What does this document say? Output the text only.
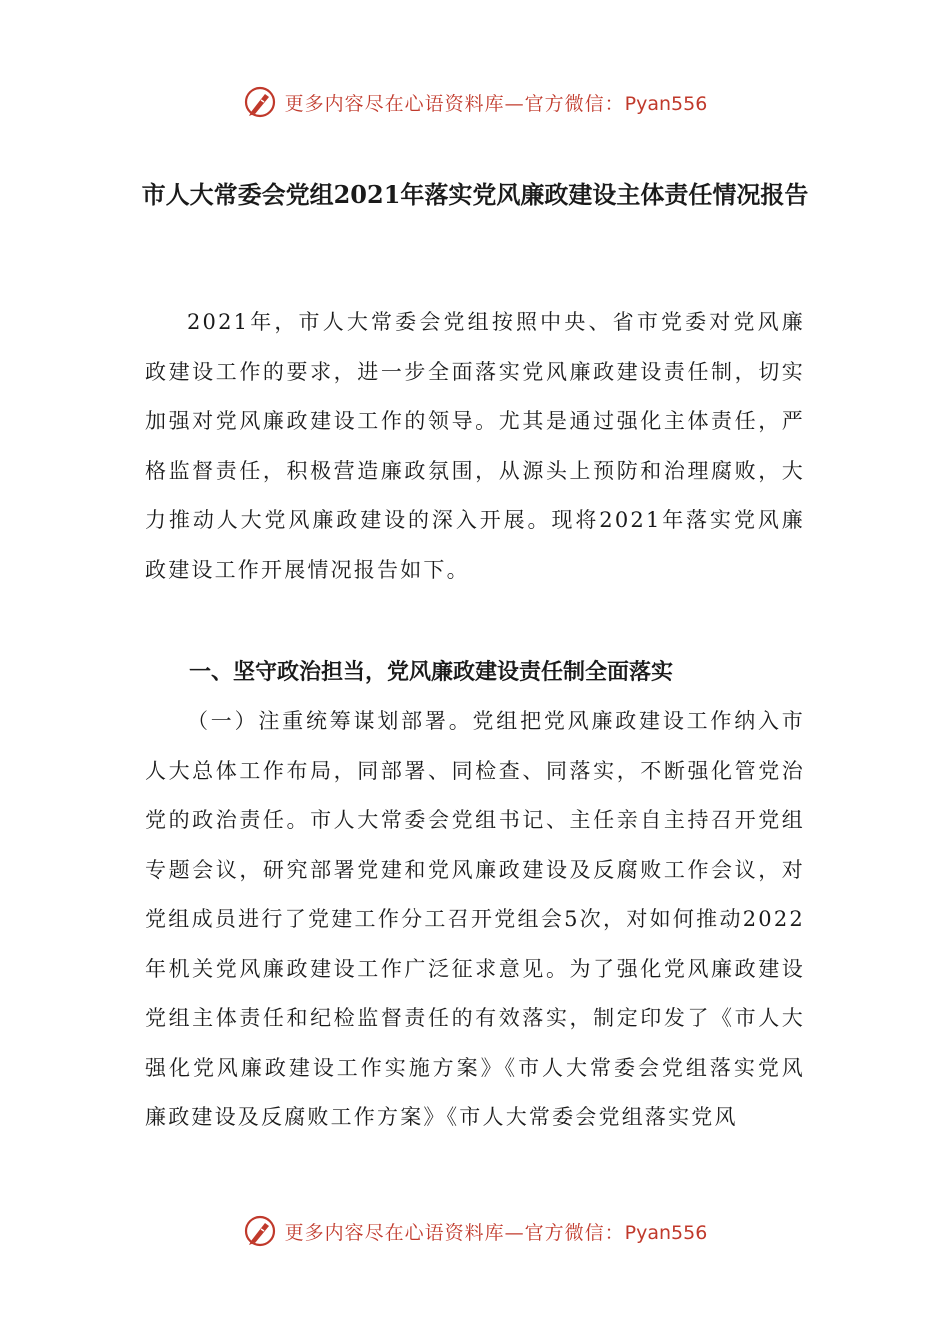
更多内容尽在心语资料库—官方微信：Pyan556
市人大常委会党组2021年落实党风廉政建设主体责任情况报告

2021年，市人大常委会党组按照中央、省市党委对党风廉政建设工作的要求，进一步全面落实党风廉政建设责任制，切实加强对党风廉政建设工作的领导。尤其是通过强化主体责任，严格监督责任，积极营造廉政氛围，从源头上预防和治理腐败，大力推动人大党风廉政建设的深入开展。现将2021年落实党风廉政建设工作开展情况报告如下。

一、坚守政治担当，党风廉政建设责任制全面落实

（一）注重统筹谋划部署。党组把党风廉政建设工作纳入市人大总体工作布局，同部署、同检查、同落实，不断强化管党治党的政治责任。市人大常委会党组书记、主任亲自主持召开党组专题会议，研究部署党建和党风廉政建设及反腐败工作会议，对党组成员进行了党建工作分工召开党组会5次，对如何推动2022年机关党风廉政建设工作广泛征求意见。为了强化党风廉政建设党组主体责任和纪检监督责任的有效落实，制定印发了《市人大强化党风廉政建设工作实施方案》《市人大常委会党组落实党风廉政建设及反腐败工作方案》《市人大常委会党组落实党风

更多内容尽在心语资料库—官方微信：Pyan556
